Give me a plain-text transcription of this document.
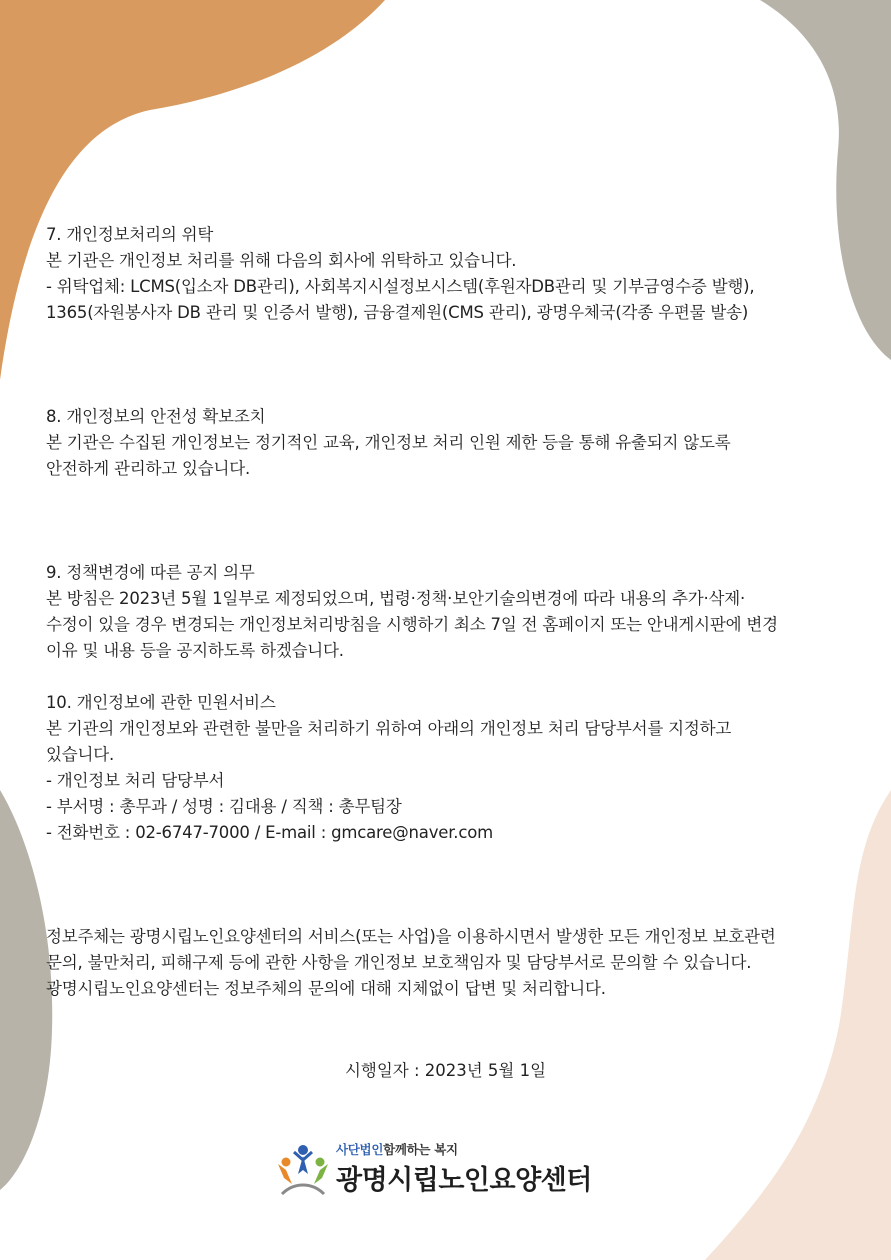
7. 개인정보처리의 위탁

본 기관은 개인정보 처리를 위해 다음의 회사에 위탁하고 있습니다.

- 위탁업체: LCMS(입소자 DB관리), 사회복지시설정보시스템(후원자DB관리 및 기부금영수증 발행),

1365(자원봉사자 DB 관리 및 인증서 발행), 금융결제원(CMS 관리), 광명우체국(각종 우편물 발송)

8. 개인정보의 안전성 확보조치

본 기관은 수집된 개인정보는 정기적인 교육, 개인정보 처리 인원 제한 등을 통해 유출되지 않도록

안전하게 관리하고 있습니다.

9. 정책변경에 따른 공지 의무

본 방침은 2023년 5월 1일부로 제정되었으며, 법령·정책·보안기술의변경에 따라 내용의 추가·삭제·

수정이 있을 경우 변경되는 개인정보처리방침을 시행하기 최소 7일 전 홈페이지 또는 안내게시판에 변경

이유 및 내용 등을 공지하도록 하겠습니다.

10. 개인정보에 관한 민원서비스

본 기관의 개인정보와 관련한 불만을 처리하기 위하여 아래의 개인정보 처리 담당부서를 지정하고

있습니다.

- 개인정보 처리 담당부서

- 부서명 : 총무과 / 성명 : 김대용 / 직책 : 총무팀장

- 전화번호 : 02-6747-7000 / E-mail : gmcare@naver.com

정보주체는 광명시립노인요양센터의 서비스(또는 사업)을 이용하시면서 발생한 모든 개인정보 보호관련

문의, 불만처리, 피해구제 등에 관한 사항을 개인정보 보호책임자 및 담당부서로 문의할 수 있습니다.

광명시립노인요양센터는 정보주체의 문의에 대해 지체없이 답변 및 처리합니다.

시행일자 : 2023년 5월 1일
사단법인함께하는 복지
광명시립노인요양센터
